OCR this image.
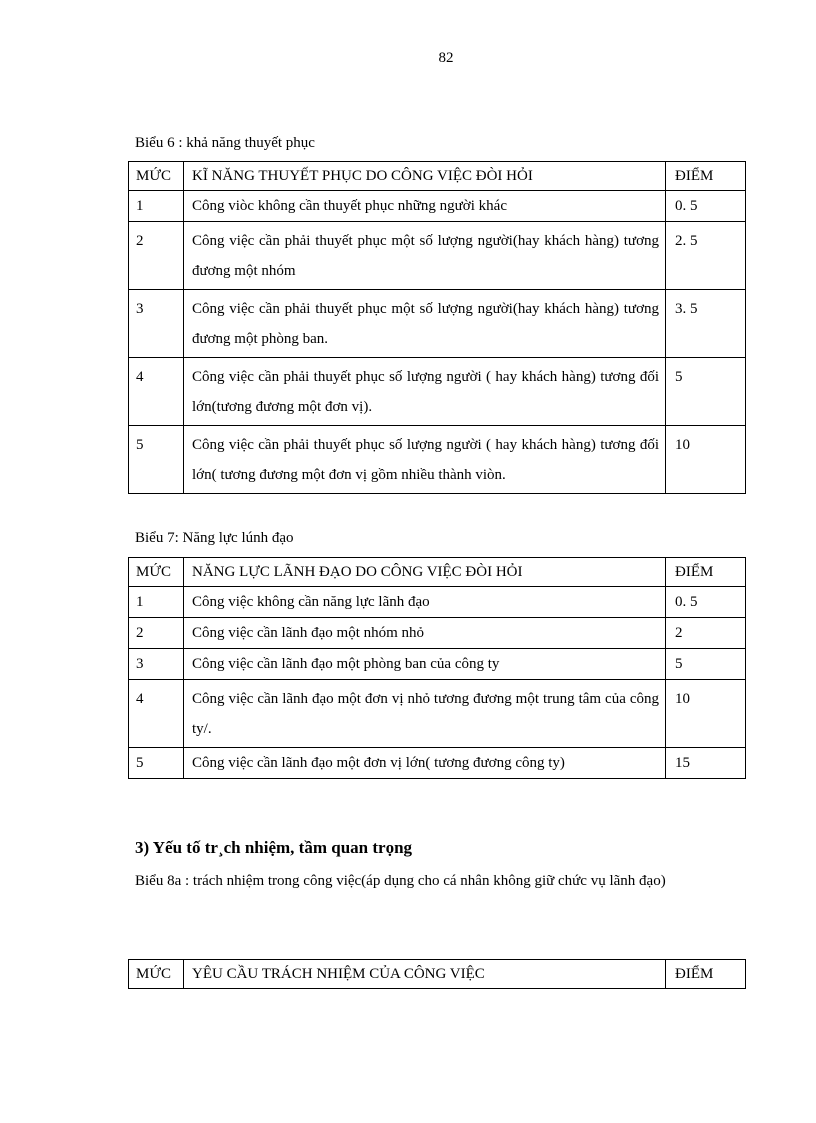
82
Biểu 6 : khả năng thuyết phục
MỨC	KĨ NĂNG THUYẾT PHỤC DO CÔNG VIỆC ĐÒI HỎI	ĐIỂM
1	Công viòc không cần thuyết phục những người khác	0. 5
2	Công việc cần phải thuyết phục một số lượng người(hay khách hàng) tương đương một nhóm	2. 5
3	Công việc cần phải thuyết phục một số lượng người(hay khách hàng) tương đương một phòng ban.	3. 5
4	Công việc cần phải thuyết phục số lượng người ( hay khách hàng) tương đối lớn(tương đương một đơn vị).	5
5	Công việc cần phải thuyết phục số lượng người ( hay khách hàng) tương đối lớn( tương đương một đơn vị gồm nhiều thành viòn.	10
Biểu 7: Năng lực lúnh đạo
MỨC	NĂNG LỰC LÃNH ĐẠO DO CÔNG VIỆC ĐÒI HỎI	ĐIỂM
1	Công việc không cần năng lực lãnh đạo	0. 5
2	Công việc cần lãnh đạo một nhóm nhỏ	2
3	Công việc cần lãnh đạo một phòng ban của công ty	5
4	Công việc cần lãnh đạo một đơn vị nhỏ tương đương một trung tâm của công ty/.	10
5	Công việc cần lãnh đạo một đơn vị lớn( tương đương công ty)	15
3) Yếu tố tr¸ch nhiệm, tầm quan trọng
Biểu 8a : trách nhiệm trong công việc(áp dụng cho cá nhân không giữ chức vụ lãnh đạo)
MỨC	YÊU CẦU TRÁCH NHIỆM CỦA CÔNG VIỆC	ĐIỂM
